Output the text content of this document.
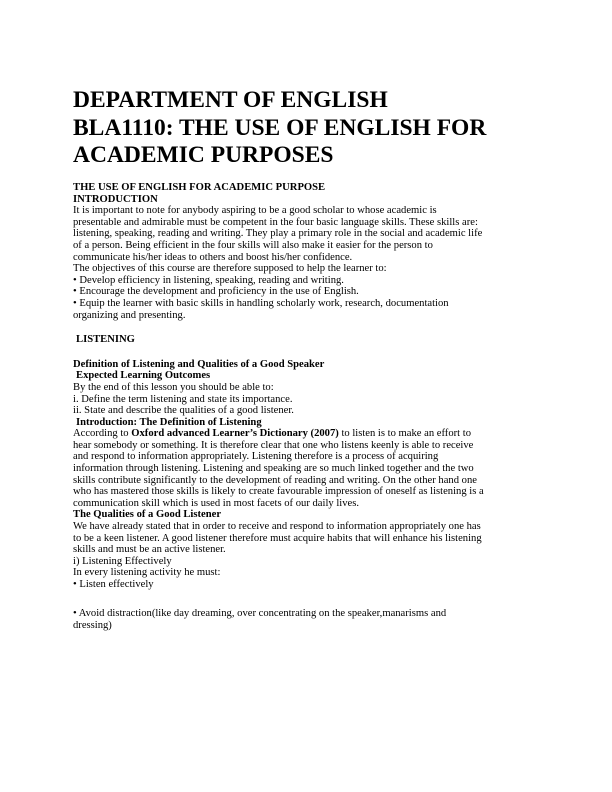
DEPARTMENT OF ENGLISH
BLA1110: THE USE OF ENGLISH FOR
ACADEMIC PURPOSES
THE USE OF ENGLISH FOR ACADEMIC PURPOSE
INTRODUCTION
It is important to note for anybody aspiring to be a good scholar to whose academic is
presentable and admirable must be competent in the four basic language skills. These skills are:
listening, speaking, reading and writing. They play a primary role in the social and academic life
of a person. Being efficient in the four skills will also make it easier for the person to
communicate his/her ideas to others and boost his/her confidence.
The objectives of this course are therefore supposed to help the learner to:
• Develop efficiency in listening, speaking, reading and writing.
• Encourage the development and proficiency in the use of English.
• Equip the learner with basic skills in handling scholarly work, research, documentation
organizing and presenting.
LISTENING
Definition of Listening and Qualities of a Good Speaker
Expected Learning Outcomes
By the end of this lesson you should be able to:
i. Define the term listening and state its importance.
ii. State and describe the qualities of a good listener.
Introduction: The Definition of Listening
According to Oxford advanced Learner’s Dictionary (2007) to listen is to make an effort to
hear somebody or something. It is therefore clear that one who listens keenly is able to receive
and respond to information appropriately. Listening therefore is a process of acquiring
information through listening. Listening and speaking are so much linked together and the two
skills contribute significantly to the development of reading and writing. On the other hand one
who has mastered those skills is likely to create favourable impression of oneself as listening is a
communication skill which is used in most facets of our daily lives.
The Qualities of a Good Listener
We have already stated that in order to receive and respond to information appropriately one has
to be a keen listener. A good listener therefore must acquire habits that will enhance his listening
skills and must be an active listener.
i) Listening Effectively
In every listening activity he must:
• Listen effectively
• Avoid distraction(like day dreaming, over concentrating on the speaker,manarisms and
dressing)
